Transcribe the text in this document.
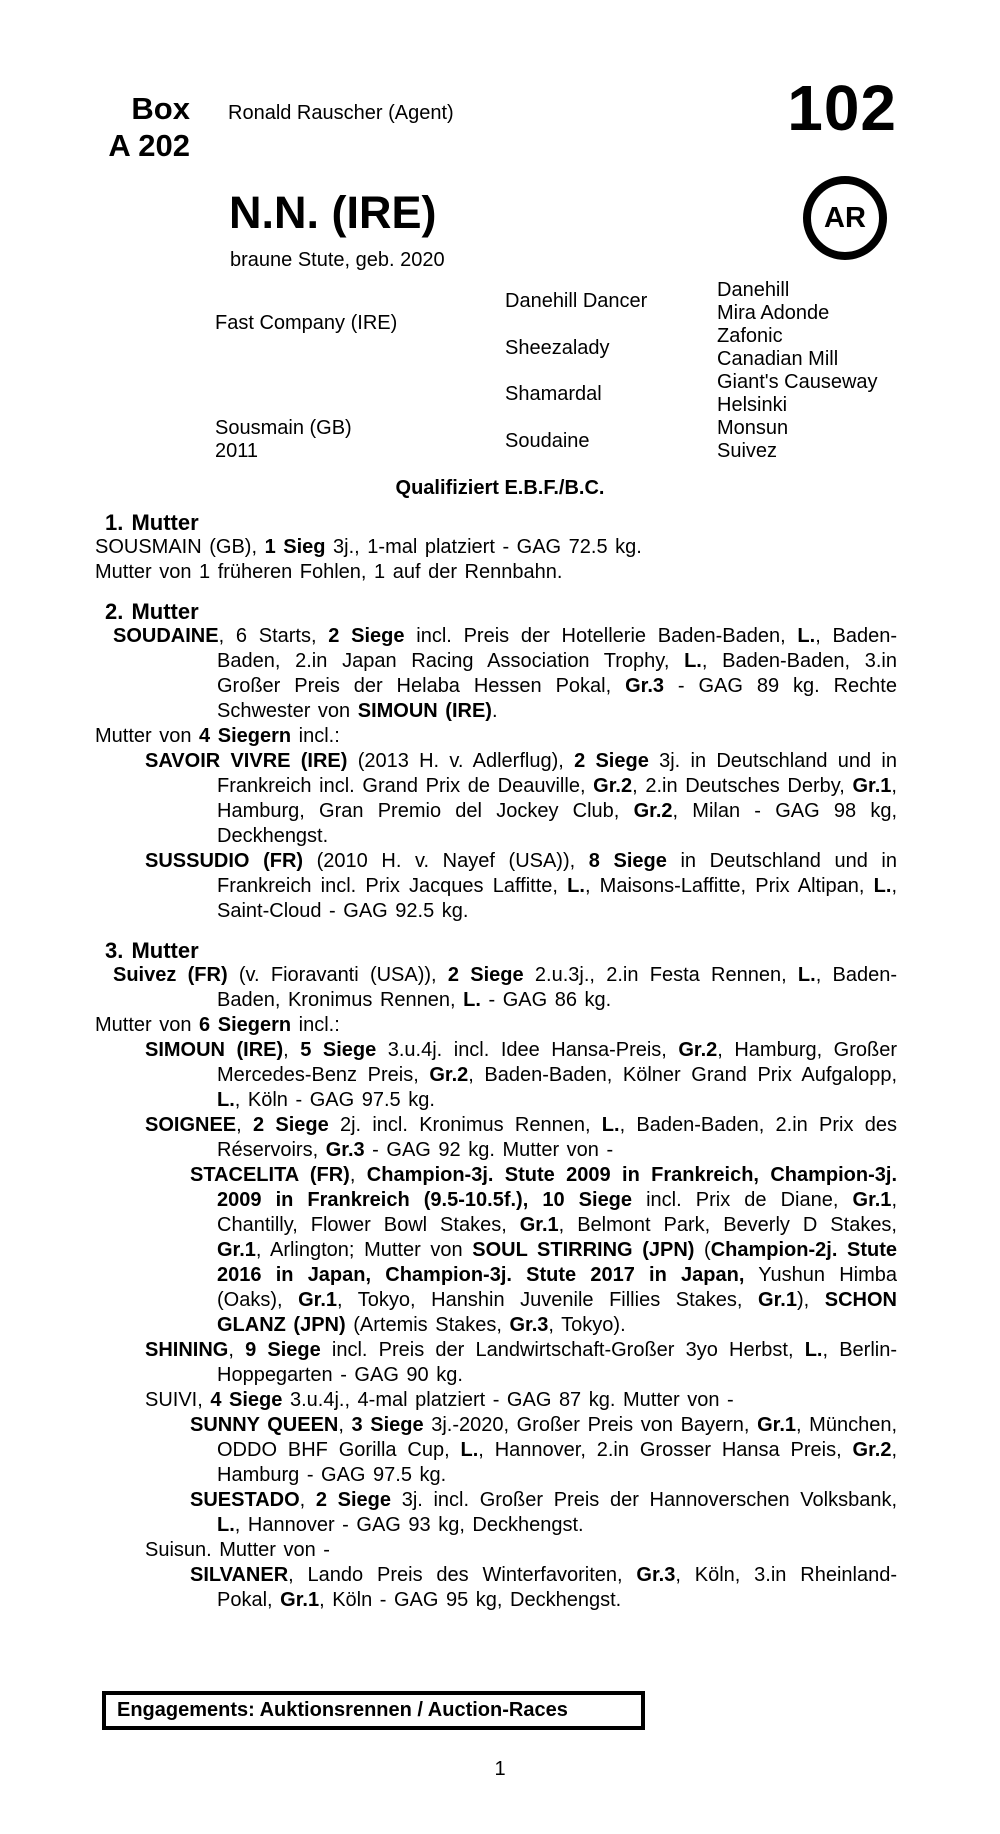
Box
A 202
Ronald Rauscher (Agent)	102
AR
N.N. (IRE)
braune Stute, geb. 2020
Fast Company (IRE)
Sousmain (GB)
2011
Danehill Dancer
Sheezalady
Shamardal
Soudaine
Danehill
Mira Adonde
Zafonic
Canadian Mill
Giant's Causeway
Helsinki
Monsun
Suivez
Qualifiziert E.B.F./B.C.
1. Mutter

SOUSMAIN (GB), 1 Sieg 3j., 1-mal platziert - GAG 72.5 kg.

Mutter von 1 früheren Fohlen, 1 auf der Rennbahn.

2. Mutter

SOUDAINE, 6 Starts, 2 Siege incl. Preis der Hotellerie Baden-Baden, L., Baden-Baden, 2.in Japan Racing Association Trophy, L., Baden-Baden, 3.in Großer Preis der Helaba Hessen Pokal, Gr.3 - GAG 89 kg. Rechte Schwester von SIMOUN (IRE).

Mutter von 4 Siegern incl.:

SAVOIR VIVRE (IRE) (2013 H. v. Adlerflug), 2 Siege 3j. in Deutschland und in Frankreich incl. Grand Prix de Deauville, Gr.2, 2.in Deutsches Derby, Gr.1, Hamburg, Gran Premio del Jockey Club, Gr.2, Milan - GAG 98 kg, Deckhengst.

SUSSUDIO (FR) (2010 H. v. Nayef (USA)), 8 Siege in Deutschland und in Frankreich incl. Prix Jacques Laffitte, L., Maisons-Laffitte, Prix Altipan, L., Saint-Cloud - GAG 92.5 kg.

3. Mutter

Suivez (FR) (v. Fioravanti (USA)), 2 Siege 2.u.3j., 2.in Festa Rennen, L., Baden-Baden, Kronimus Rennen, L. - GAG 86 kg.

Mutter von 6 Siegern incl.:

SIMOUN (IRE), 5 Siege 3.u.4j. incl. Idee Hansa-Preis, Gr.2, Hamburg, Großer Mercedes-Benz Preis, Gr.2, Baden-Baden, Kölner Grand Prix Aufgalopp, L., Köln - GAG 97.5 kg.

SOIGNEE, 2 Siege 2j. incl. Kronimus Rennen, L., Baden-Baden, 2.in Prix des Réservoirs, Gr.3 - GAG 92 kg. Mutter von -

STACELITA (FR), Champion-3j. Stute 2009 in Frankreich, Champion-3j. 2009 in Frankreich (9.5-10.5f.), 10 Siege incl. Prix de Diane, Gr.1, Chantilly, Flower Bowl Stakes, Gr.1, Belmont Park, Beverly D Stakes, Gr.1, Arlington; Mutter von SOUL STIRRING (JPN) (Champion-2j. Stute 2016 in Japan, Champion-3j. Stute 2017 in Japan, Yushun Himba (Oaks), Gr.1, Tokyo, Hanshin Juvenile Fillies Stakes, Gr.1), SCHON GLANZ (JPN) (Artemis Stakes, Gr.3, Tokyo).

SHINING, 9 Siege incl. Preis der Landwirtschaft-Großer 3yo Herbst, L., Berlin-Hoppegarten - GAG 90 kg.

SUIVI, 4 Siege 3.u.4j., 4-mal platziert - GAG 87 kg. Mutter von -

SUNNY QUEEN, 3 Siege 3j.-2020, Großer Preis von Bayern, Gr.1, München, ODDO BHF Gorilla Cup, L., Hannover, 2.in Grosser Hansa Preis, Gr.2, Hamburg - GAG 97.5 kg.

SUESTADO, 2 Siege 3j. incl. Großer Preis der Hannoverschen Volksbank, L., Hannover - GAG 93 kg, Deckhengst.

Suisun. Mutter von -

SILVANER, Lando Preis des Winterfavoriten, Gr.3, Köln, 3.in Rheinland-Pokal, Gr.1, Köln - GAG 95 kg, Deckhengst.

Engagements: Auktionsrennen / Auction-Races
1
